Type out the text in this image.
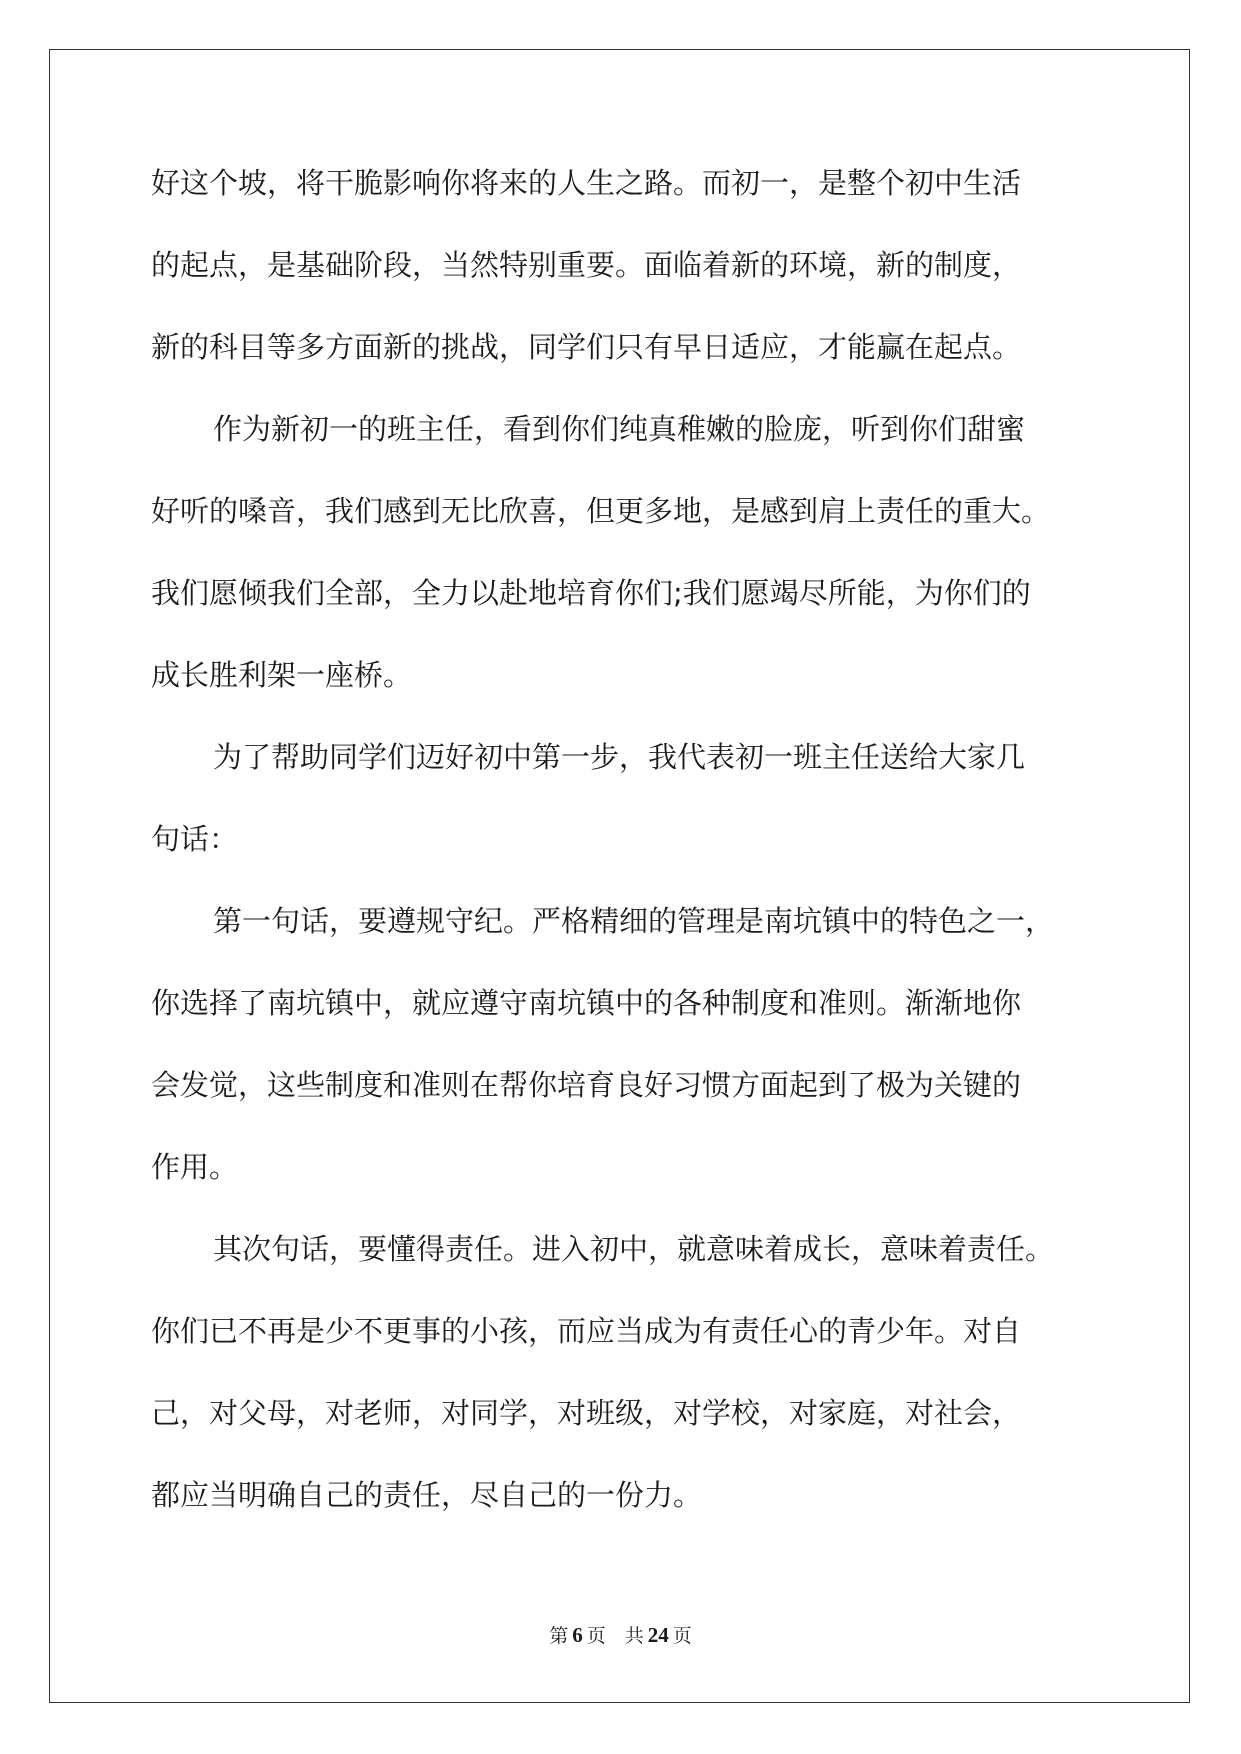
好这个坡，将干脆影响你将来的人生之路。而初一，是整个初中生活
的起点，是基础阶段，当然特别重要。面临着新的环境，新的制度，
新的科目等多方面新的挑战，同学们只有早日适应，才能赢在起点。
作为新初一的班主任，看到你们纯真稚嫩的脸庞，听到你们甜蜜
好听的嗓音，我们感到无比欣喜，但更多地，是感到肩上责任的重大。
我们愿倾我们全部，全力以赴地培育你们;我们愿竭尽所能，为你们的
成长胜利架一座桥。
为了帮助同学们迈好初中第一步，我代表初一班主任送给大家几
句话：
第一句话，要遵规守纪。严格精细的管理是南坑镇中的特色之一，
你选择了南坑镇中，就应遵守南坑镇中的各种制度和准则。渐渐地你
会发觉，这些制度和准则在帮你培育良好习惯方面起到了极为关键的
作用。
其次句话，要懂得责任。进入初中，就意味着成长，意味着责任。
你们已不再是少不更事的小孩，而应当成为有责任心的青少年。对自
己，对父母，对老师，对同学，对班级，对学校，对家庭，对社会，
都应当明确自己的责任，尽自己的一份力。
第 6 页　共 24 页
